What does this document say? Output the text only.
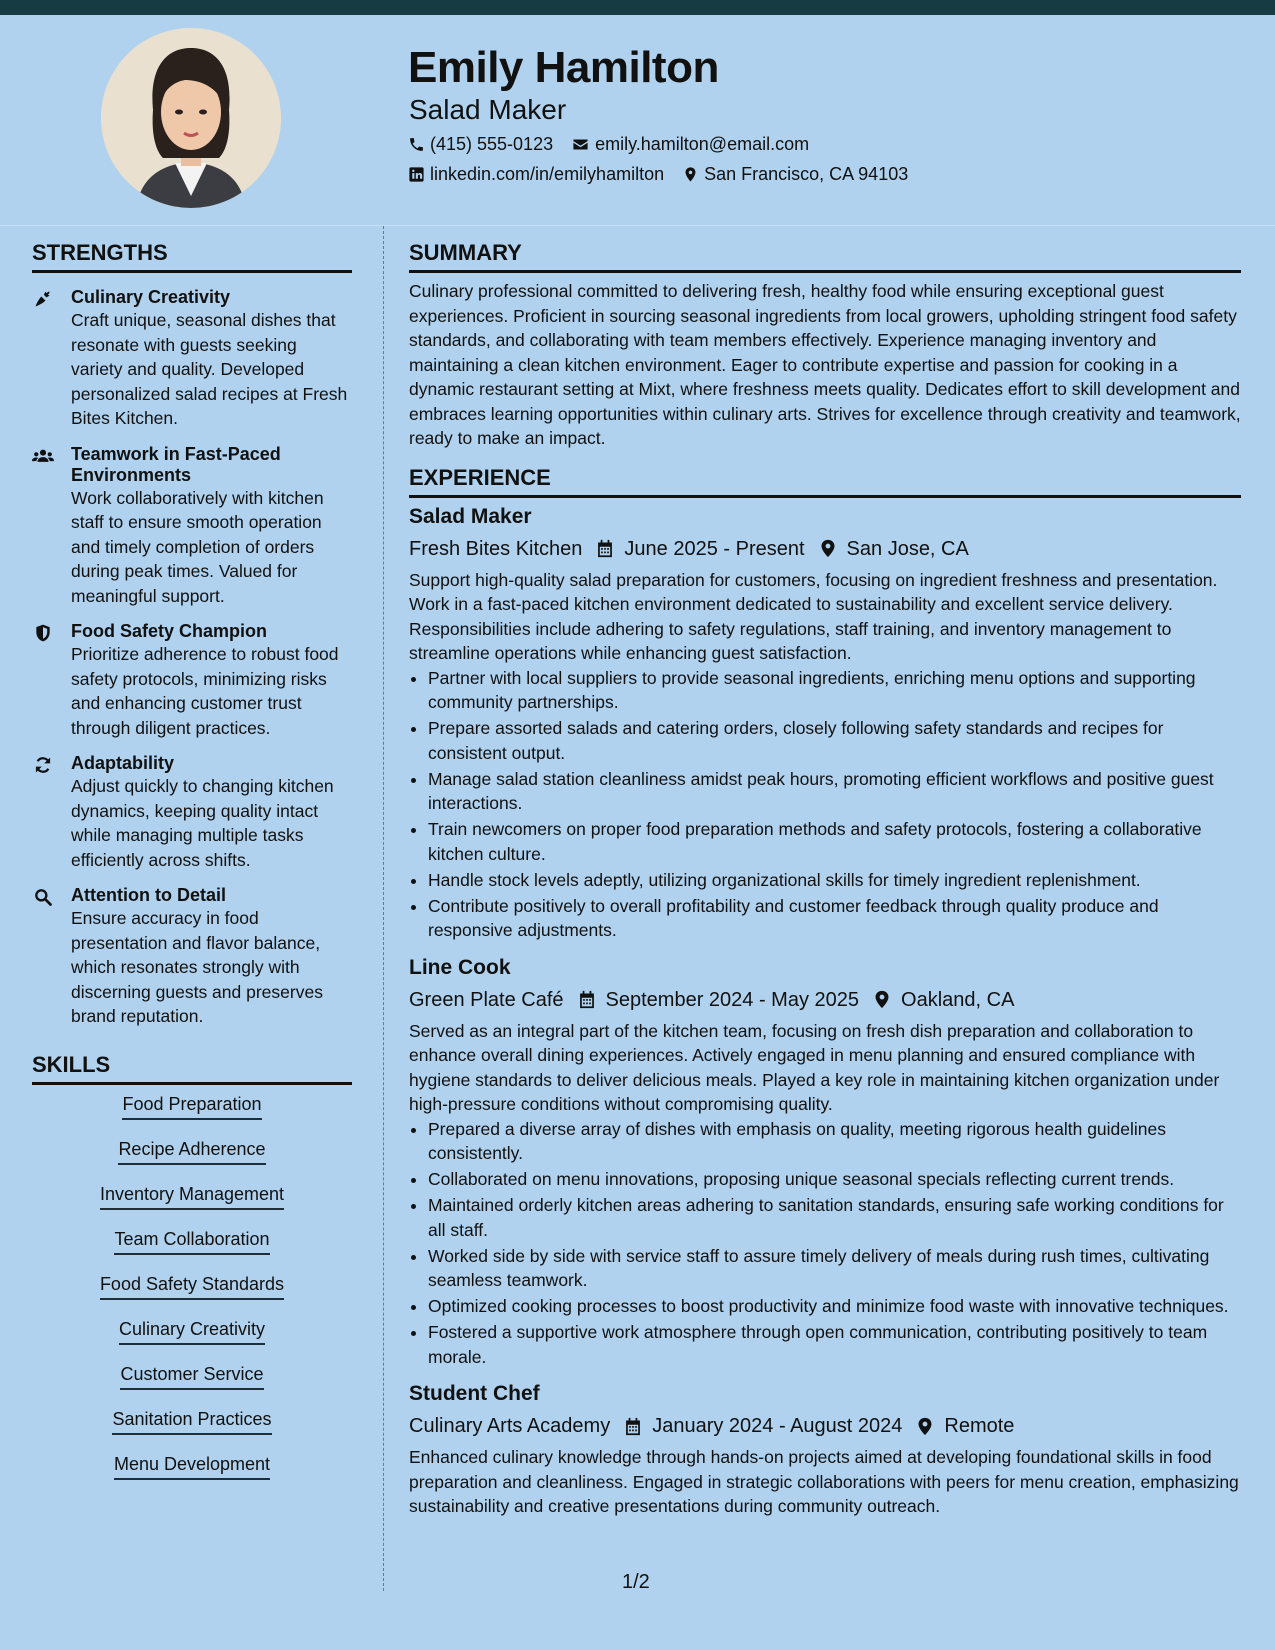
Emily Hamilton
Salad Maker
(415) 555-0123 emily.hamilton@email.com
linkedin.com/in/emilyhamilton San Francisco, CA 94103
STRENGTHS
Culinary Creativity
Craft unique, seasonal dishes that resonate with guests seeking variety and quality. Developed personalized salad recipes at Fresh Bites Kitchen.
Teamwork in Fast-Paced Environments
Work collaboratively with kitchen staff to ensure smooth operation and timely completion of orders during peak times. Valued for meaningful support.
Food Safety Champion
Prioritize adherence to robust food safety protocols, minimizing risks and enhancing customer trust through diligent practices.
Adaptability
Adjust quickly to changing kitchen dynamics, keeping quality intact while managing multiple tasks efficiently across shifts.
Attention to Detail
Ensure accuracy in food presentation and flavor balance, which resonates strongly with discerning guests and preserves brand reputation.
SKILLS
Food Preparation
Recipe Adherence
Inventory Management
Team Collaboration
Food Safety Standards
Culinary Creativity
Customer Service
Sanitation Practices
Menu Development
SUMMARY
Culinary professional committed to delivering fresh, healthy food while ensuring exceptional guest experiences. Proficient in sourcing seasonal ingredients from local growers, upholding stringent food safety standards, and collaborating with team members effectively. Experience managing inventory and maintaining a clean kitchen environment. Eager to contribute expertise and passion for cooking in a dynamic restaurant setting at Mixt, where freshness meets quality. Dedicates effort to skill development and embraces learning opportunities within culinary arts. Strives for excellence through creativity and teamwork, ready to make an impact.
EXPERIENCE
Salad Maker
Fresh Bites Kitchen June 2025 - Present San Jose, CA
Support high-quality salad preparation for customers, focusing on ingredient freshness and presentation. Work in a fast-paced kitchen environment dedicated to sustainability and excellent service delivery. Responsibilities include adhering to safety regulations, staff training, and inventory management to streamline operations while enhancing guest satisfaction.
• Partner with local suppliers to provide seasonal ingredients, enriching menu options and supporting community partnerships.
• Prepare assorted salads and catering orders, closely following safety standards and recipes for consistent output.
• Manage salad station cleanliness amidst peak hours, promoting efficient workflows and positive guest interactions.
• Train newcomers on proper food preparation methods and safety protocols, fostering a collaborative kitchen culture.
• Handle stock levels adeptly, utilizing organizational skills for timely ingredient replenishment.
• Contribute positively to overall profitability and customer feedback through quality produce and responsive adjustments.
Line Cook
Green Plate Café September 2024 - May 2025 Oakland, CA
Served as an integral part of the kitchen team, focusing on fresh dish preparation and collaboration to enhance overall dining experiences. Actively engaged in menu planning and ensured compliance with hygiene standards to deliver delicious meals. Played a key role in maintaining kitchen organization under high-pressure conditions without compromising quality.
• Prepared a diverse array of dishes with emphasis on quality, meeting rigorous health guidelines consistently.
• Collaborated on menu innovations, proposing unique seasonal specials reflecting current trends.
• Maintained orderly kitchen areas adhering to sanitation standards, ensuring safe working conditions for all staff.
• Worked side by side with service staff to assure timely delivery of meals during rush times, cultivating seamless teamwork.
• Optimized cooking processes to boost productivity and minimize food waste with innovative techniques.
• Fostered a supportive work atmosphere through open communication, contributing positively to team morale.
Student Chef
Culinary Arts Academy January 2024 - August 2024 Remote
Enhanced culinary knowledge through hands-on projects aimed at developing foundational skills in food preparation and cleanliness. Engaged in strategic collaborations with peers for menu creation, emphasizing sustainability and creative presentations during community outreach.
1/2
